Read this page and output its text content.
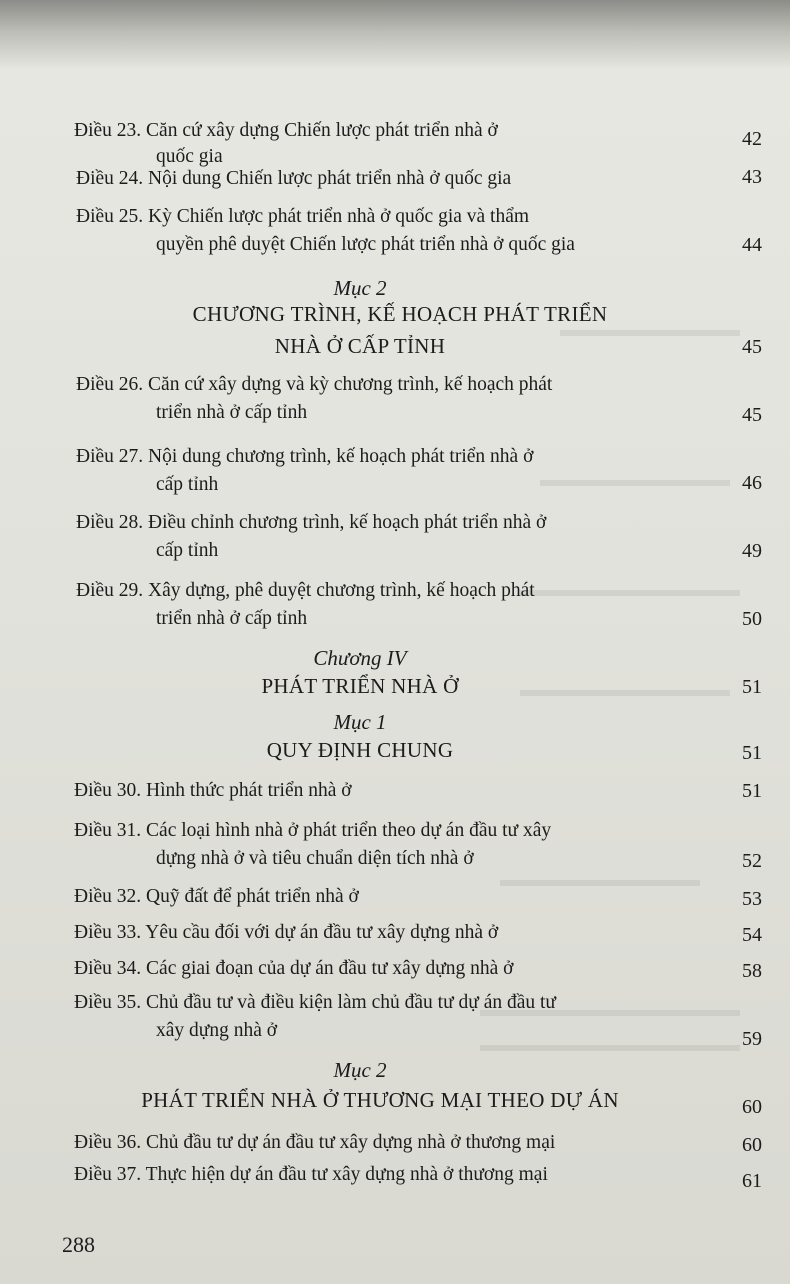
Điều 23. Căn cứ xây dựng Chiến lược phát triển nhà ở
quốc gia
42
Điều 24. Nội dung Chiến lược phát triển nhà ở quốc gia	43
Điều 25. Kỳ Chiến lược phát triển nhà ở quốc gia và thẩm
quyền phê duyệt Chiến lược phát triển nhà ở quốc gia	44
Mục 2
CHƯƠNG TRÌNH, KẾ HOẠCH PHÁT TRIỂN
NHÀ Ở CẤP TỈNH	45
Điều 26. Căn cứ xây dựng và kỳ chương trình, kế hoạch phát
triển nhà ở cấp tỉnh	45
Điều 27. Nội dung chương trình, kế hoạch phát triển nhà ở
cấp tỉnh	46
Điều 28. Điều chỉnh chương trình, kế hoạch phát triển nhà ở
cấp tỉnh	49
Điều 29. Xây dựng, phê duyệt chương trình, kế hoạch phát
triển nhà ở cấp tỉnh	50
Chương IV
PHÁT TRIỂN NHÀ Ở	51
Mục 1
QUY ĐỊNH CHUNG	51
Điều 30. Hình thức phát triển nhà ở	51
Điều 31. Các loại hình nhà ở phát triển theo dự án đầu tư xây
dựng nhà ở và tiêu chuẩn diện tích nhà ở	52
Điều 32. Quỹ đất để phát triển nhà ở	53
Điều 33. Yêu cầu đối với dự án đầu tư xây dựng nhà ở	54
Điều 34. Các giai đoạn của dự án đầu tư xây dựng nhà ở	58
Điều 35. Chủ đầu tư và điều kiện làm chủ đầu tư dự án đầu tư
xây dựng nhà ở	59
Mục 2
PHÁT TRIỂN NHÀ Ở THƯƠNG MẠI THEO DỰ ÁN	60
Điều 36. Chủ đầu tư dự án đầu tư xây dựng nhà ở thương mại	60
Điều 37. Thực hiện dự án đầu tư xây dựng nhà ở thương mại	61
288
